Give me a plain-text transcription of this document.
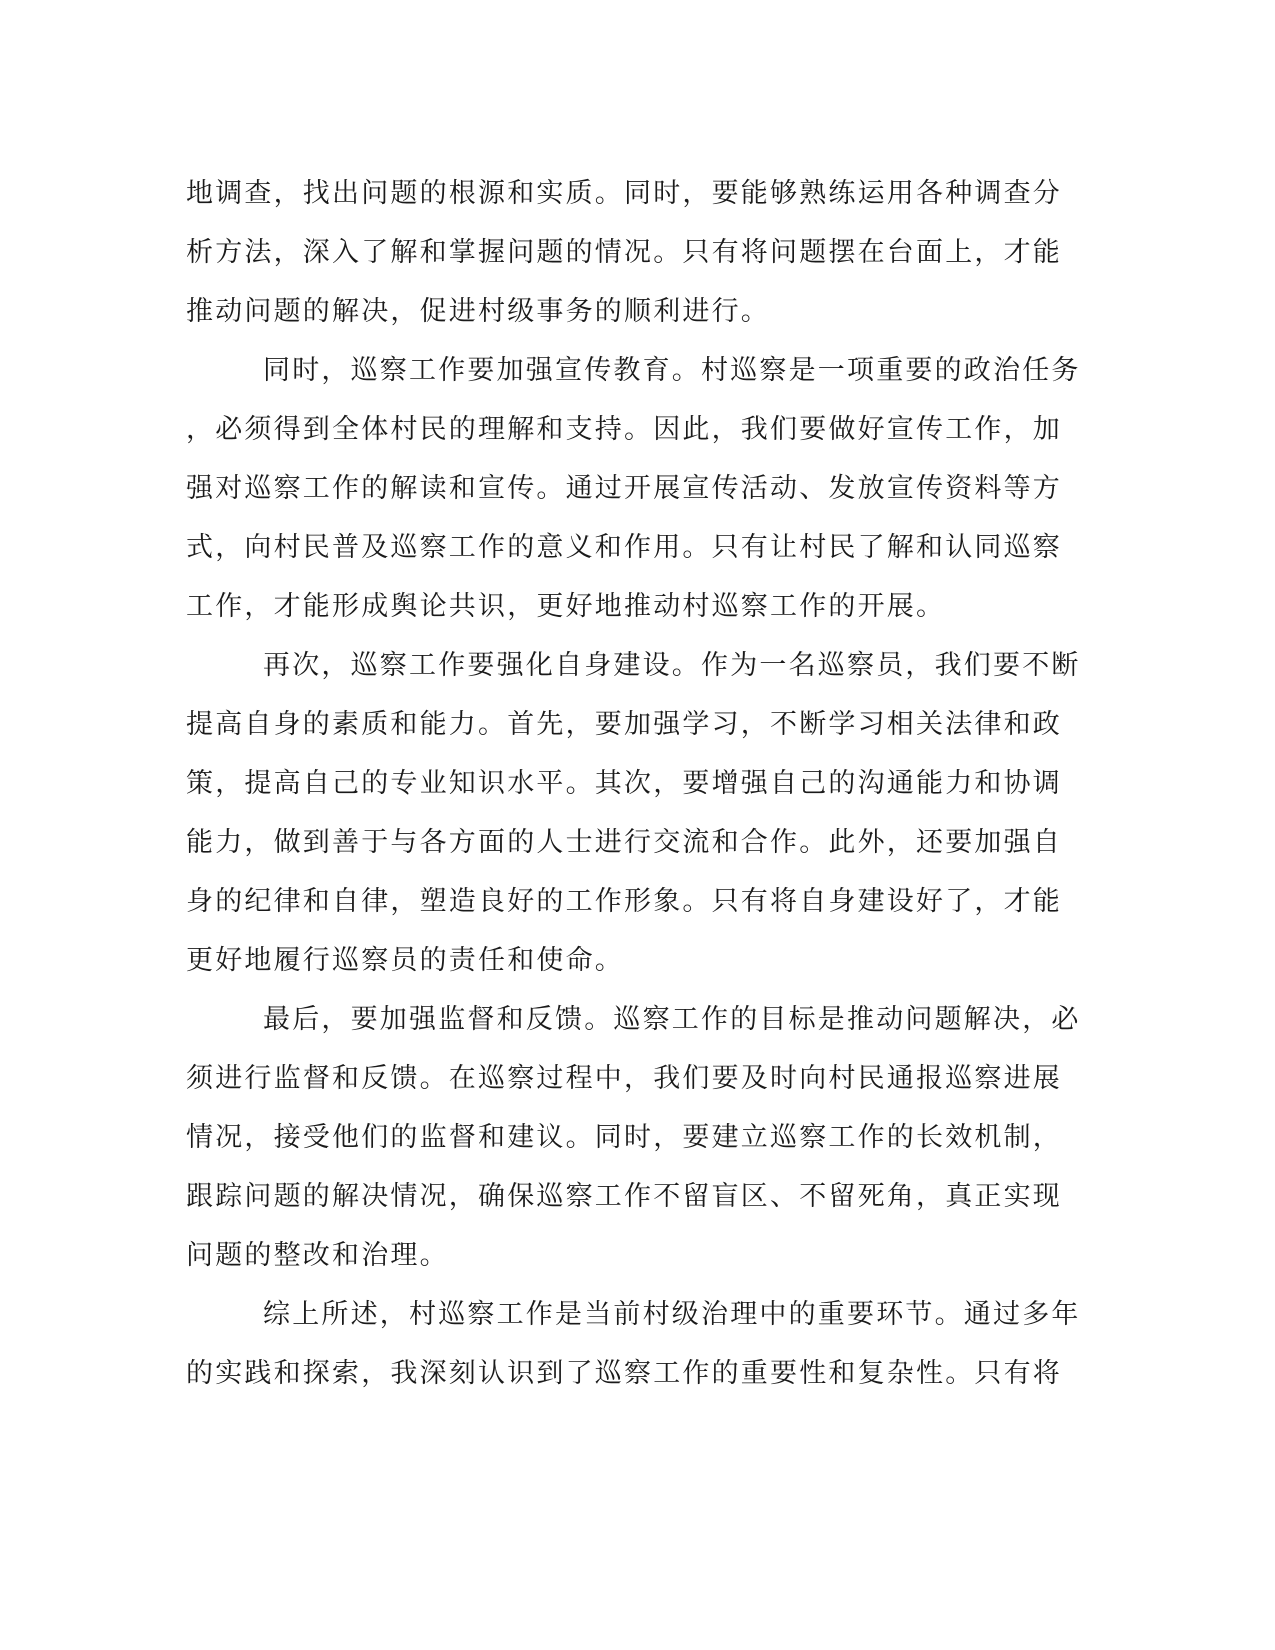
地调查，找出问题的根源和实质。同时，要能够熟练运用各种调查分
析方法，深入了解和掌握问题的情况。只有将问题摆在台面上，才能
推动问题的解决，促进村级事务的顺利进行。
同时，巡察工作要加强宣传教育。村巡察是一项重要的政治任务
，必须得到全体村民的理解和支持。因此，我们要做好宣传工作，加
强对巡察工作的解读和宣传。通过开展宣传活动、发放宣传资料等方
式，向村民普及巡察工作的意义和作用。只有让村民了解和认同巡察
工作，才能形成舆论共识，更好地推动村巡察工作的开展。
再次，巡察工作要强化自身建设。作为一名巡察员，我们要不断
提高自身的素质和能力。首先，要加强学习，不断学习相关法律和政
策，提高自己的专业知识水平。其次，要增强自己的沟通能力和协调
能力，做到善于与各方面的人士进行交流和合作。此外，还要加强自
身的纪律和自律，塑造良好的工作形象。只有将自身建设好了，才能
更好地履行巡察员的责任和使命。
最后，要加强监督和反馈。巡察工作的目标是推动问题解决，必
须进行监督和反馈。在巡察过程中，我们要及时向村民通报巡察进展
情况，接受他们的监督和建议。同时，要建立巡察工作的长效机制，
跟踪问题的解决情况，确保巡察工作不留盲区、不留死角，真正实现
问题的整改和治理。
综上所述，村巡察工作是当前村级治理中的重要环节。通过多年
的实践和探索，我深刻认识到了巡察工作的重要性和复杂性。只有将
